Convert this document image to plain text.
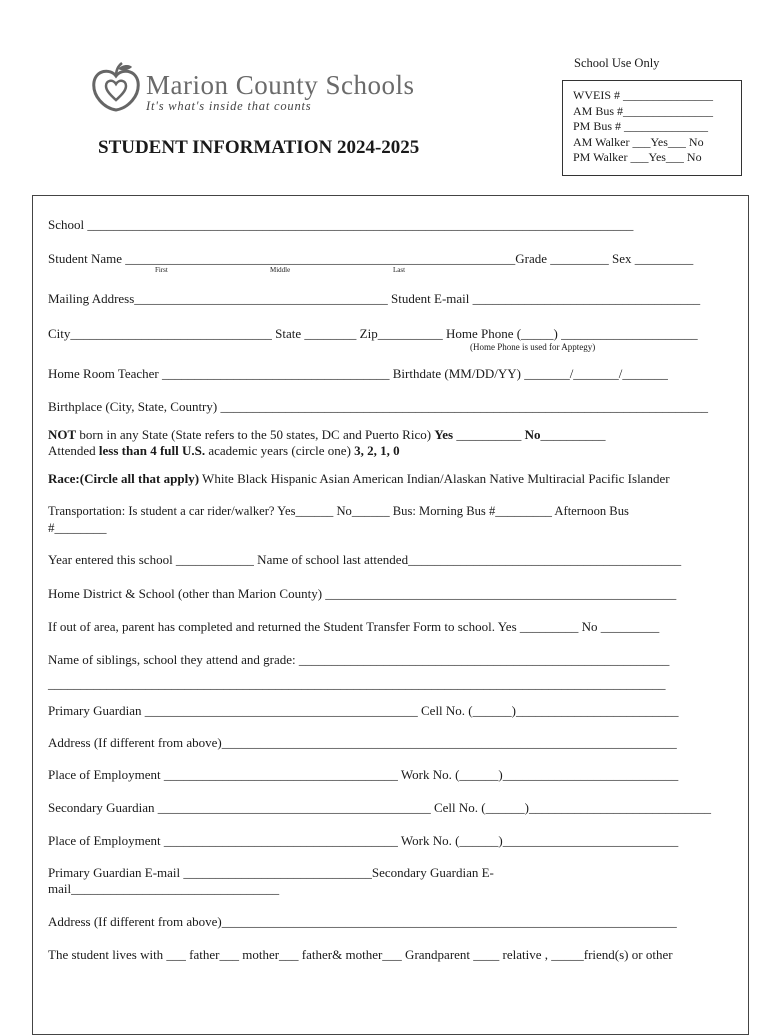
Marion County Schools
It's what's inside that counts
School Use Only
WVEIS # _______________
AM Bus #_______________
PM Bus # ______________
AM Walker ___Yes___ No
PM Walker ___Yes___ No
STUDENT INFORMATION 2024-2025
School ____________________________________________________________________________________
Student Name ____________________________________________________________Grade _________ Sex _________
First	Middle	Last
Mailing Address_______________________________________ Student E-mail ___________________________________
City_______________________________ State ________ Zip__________ Home Phone (_____) _____________________
(Home Phone is used for Apptegy)
Home Room Teacher ___________________________________ Birthdate (MM/DD/YY) _______/_______/_______
Birthplace (City, State, Country) ___________________________________________________________________________
NOT born in any State (State refers to the 50 states, DC and Puerto Rico) Yes __________ No__________
Attended less than 4 full U.S. academic years (circle one) 3, 2, 1, 0
Race:(Circle all that apply) White Black Hispanic Asian American Indian/Alaskan Native Multiracial Pacific Islander
Transportation: Is student a car rider/walker? Yes______ No______ Bus: Morning Bus #_________ Afternoon Bus
#________
Year entered this school ____________ Name of school last attended__________________________________________
Home District & School (other than Marion County) ______________________________________________________
If out of area, parent has completed and returned the Student Transfer Form to school. Yes _________ No _________
Name of siblings, school they attend and grade: _________________________________________________________
_______________________________________________________________________________________________
Primary Guardian __________________________________________ Cell No. (______)_________________________
Address (If different from above)______________________________________________________________________
Place of Employment ____________________________________ Work No. (______)___________________________
Secondary Guardian __________________________________________ Cell No. (______)____________________________
Place of Employment ____________________________________ Work No. (______)___________________________
Primary Guardian E-mail _____________________________Secondary Guardian E-
mail________________________________
Address (If different from above)______________________________________________________________________
The student lives with ___ father___ mother___ father& mother___ Grandparent ____ relative , _____friend(s) or other
